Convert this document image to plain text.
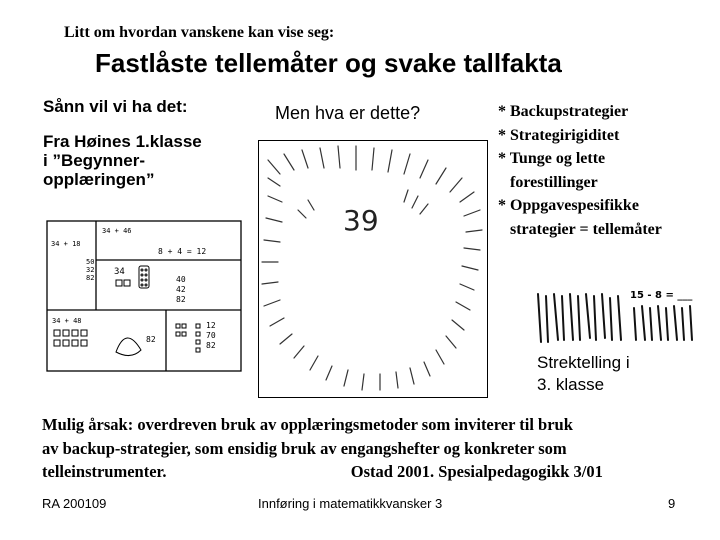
Litt om hvordan vanskene kan vise seg:
Fastlåste tellemåter og svake tallfakta
Sånn vil vi ha det:
Fra Høines 1.klasse
i ”Begynner-
opplæringen”
34 + 18
34 + 46
50
32
82
8 + 4 = 12
34
40
42
82
34 + 48
82
12
70
82
Men hva er dette?
39
* Backupstrategier
* Strategirigiditet
* Tunge og lette
forestillinger
* Oppgavespesifikke
strategier = tellemåter
15 - 8 = ___
Strektelling i
3. klasse
Mulig årsak: overdreven bruk av opplæringsmetoder som inviterer til bruk
av backup-strategier, som ensidig bruk av engangshefter og konkreter som
telleinstrumenter.	Ostad 2001. Spesialpedagogikk 3/01
RA 200109	Innføring i matematikkvansker 3	9
